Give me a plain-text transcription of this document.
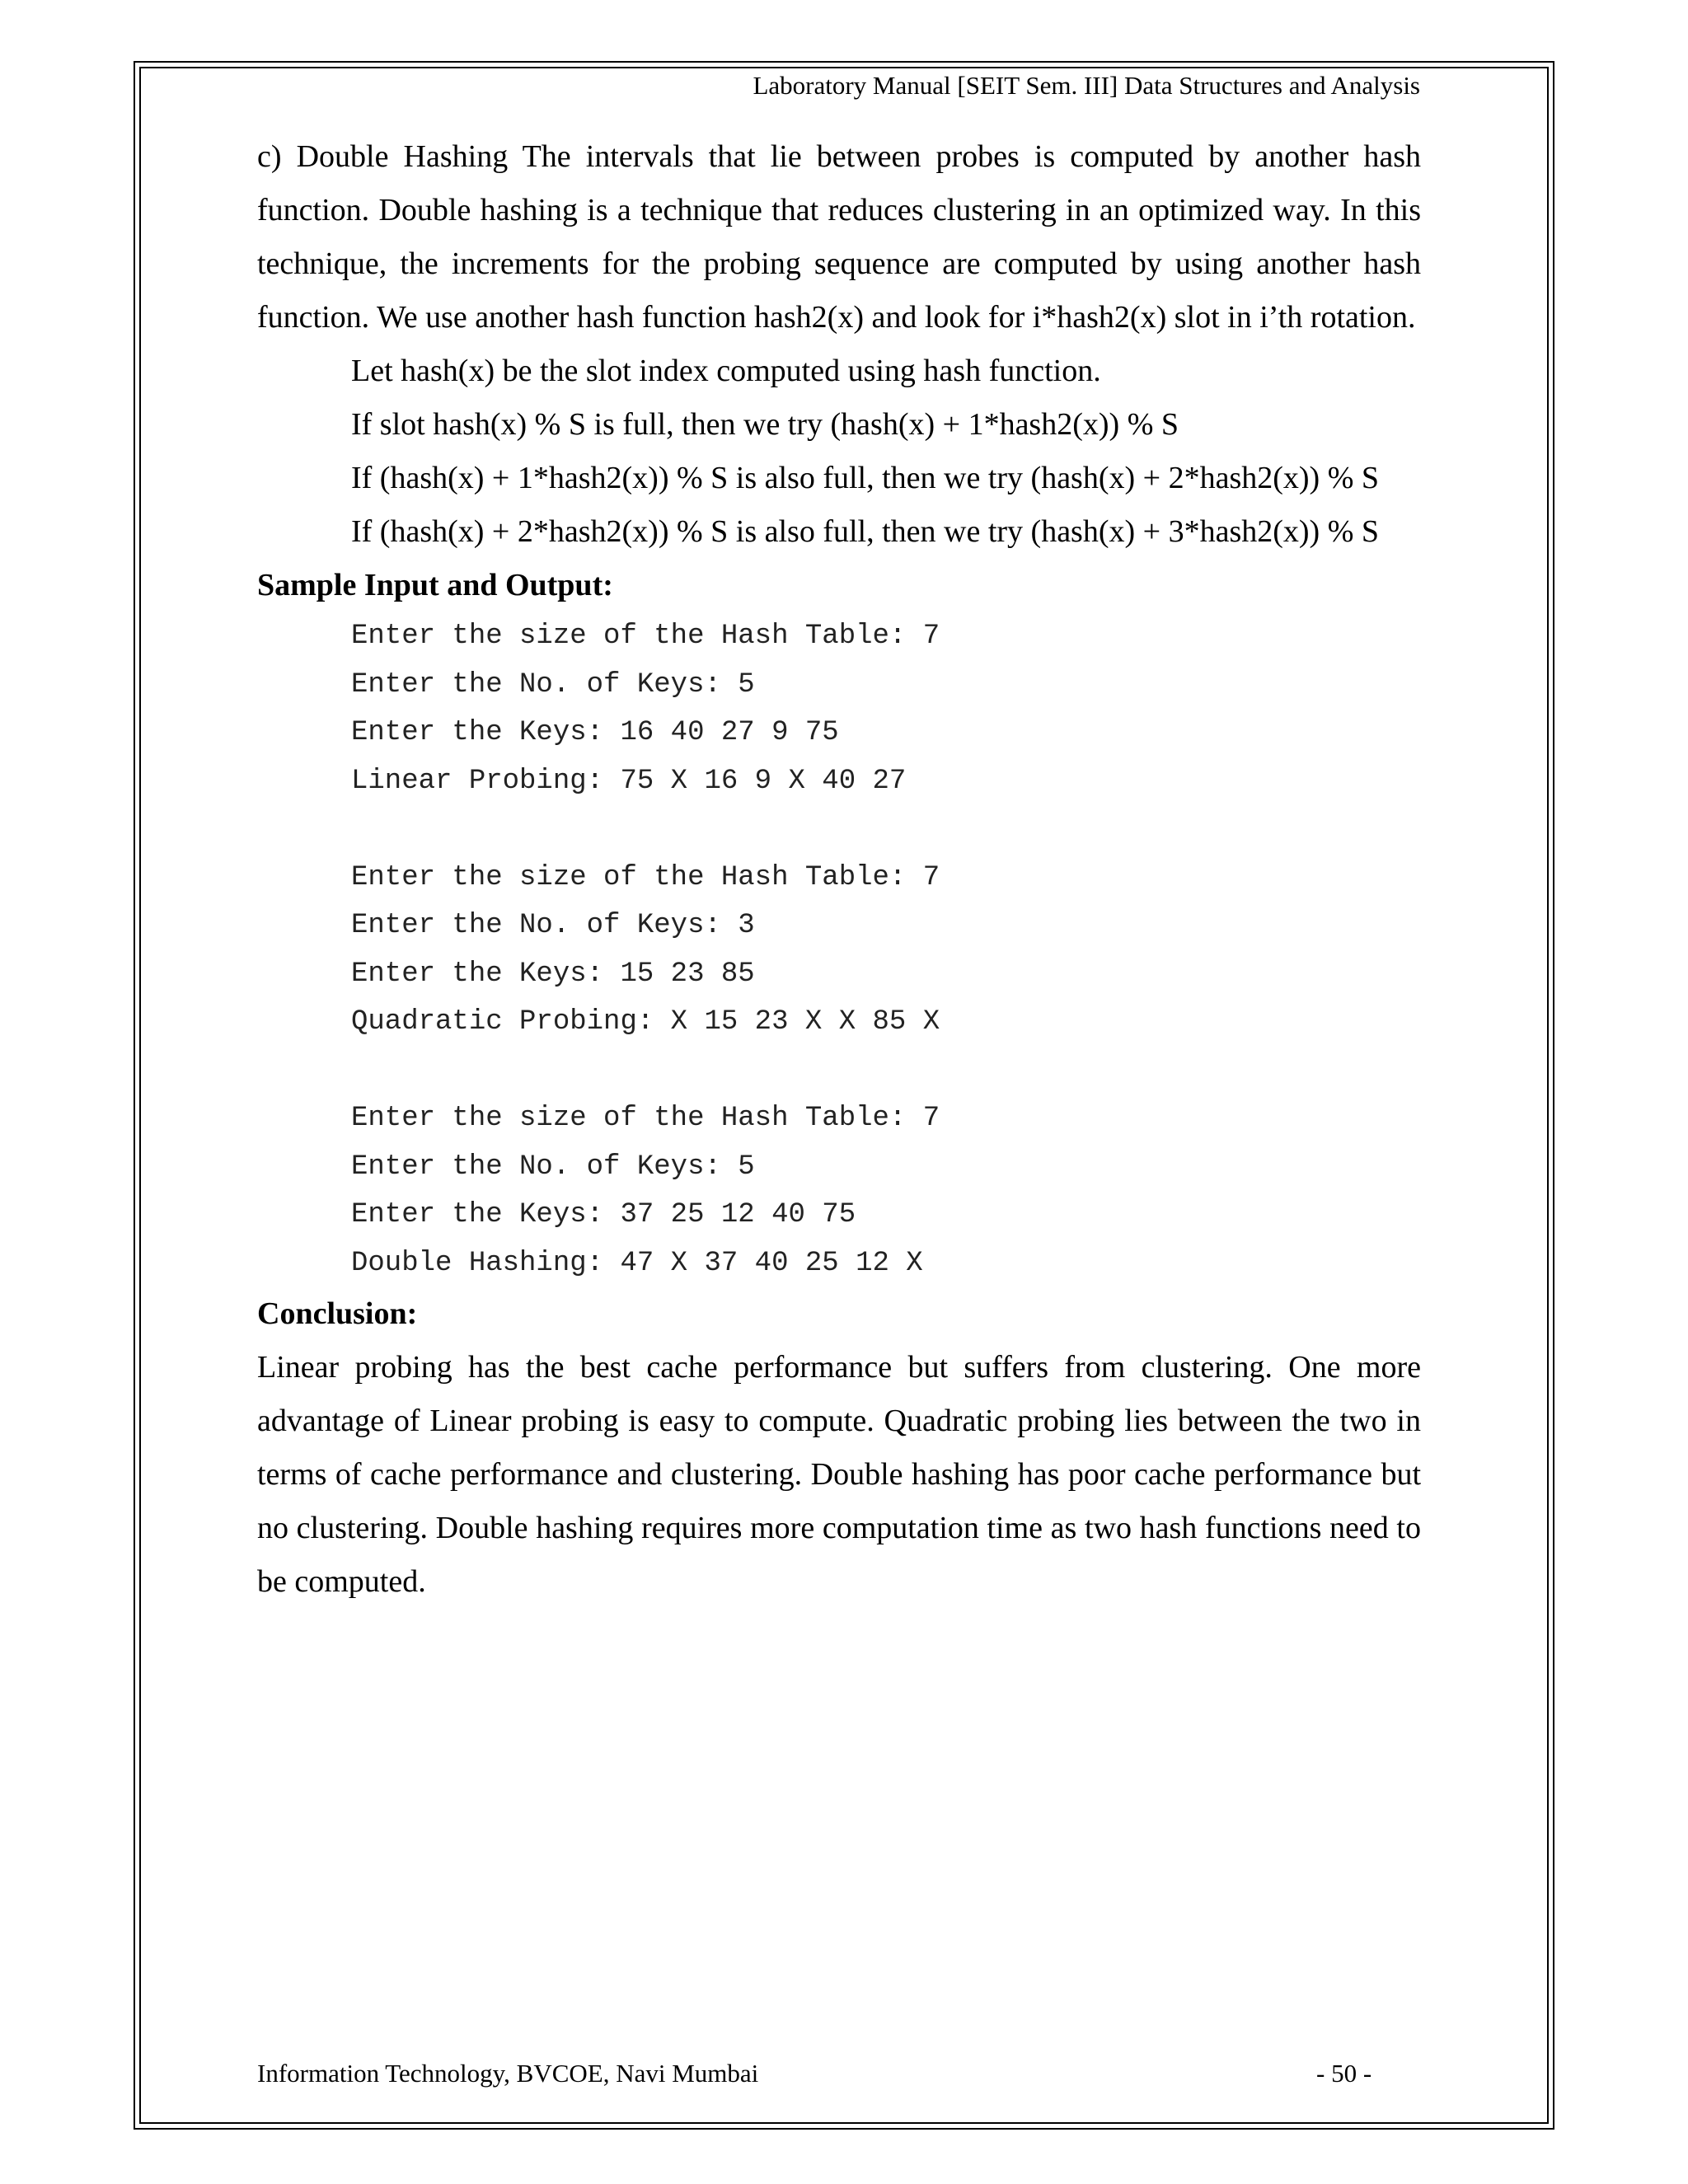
Laboratory Manual [SEIT Sem. III] Data Structures and Analysis

c) Double Hashing The intervals that lie between probes is computed by another hash function. Double hashing is a technique that reduces clustering in an optimized way. In this technique, the increments for the probing sequence are computed by using another hash function. We use another hash function hash2(x) and look for i*hash2(x) slot in i’th rotation.

Let hash(x) be the slot index computed using hash function.
If slot hash(x) % S is full, then we try (hash(x) + 1*hash2(x)) % S
If (hash(x) + 1*hash2(x)) % S is also full, then we try (hash(x) + 2*hash2(x)) % S
If (hash(x) + 2*hash2(x)) % S is also full, then we try (hash(x) + 3*hash2(x)) % S

Sample Input and Output:

Enter the size of the Hash Table: 7
Enter the No. of Keys: 5
Enter the Keys: 16 40 27 9 75
Linear Probing: 75 X 16 9 X 40 27
Enter the size of the Hash Table: 7
Enter the No. of Keys: 3
Enter the Keys: 15 23 85
Quadratic Probing: X 15 23 X X 85 X
Enter the size of the Hash Table: 7
Enter the No. of Keys: 5
Enter the Keys: 37 25 12 40 75
Double Hashing: 47 X 37 40 25 12 X

Conclusion:

Linear probing has the best cache performance but suffers from clustering. One more advantage of Linear probing is easy to compute. Quadratic probing lies between the two in terms of cache performance and clustering. Double hashing has poor cache performance but no clustering. Double hashing requires more computation time as two hash functions need to be computed.

Information Technology, BVCOE, Navi Mumbai	- 50 -
